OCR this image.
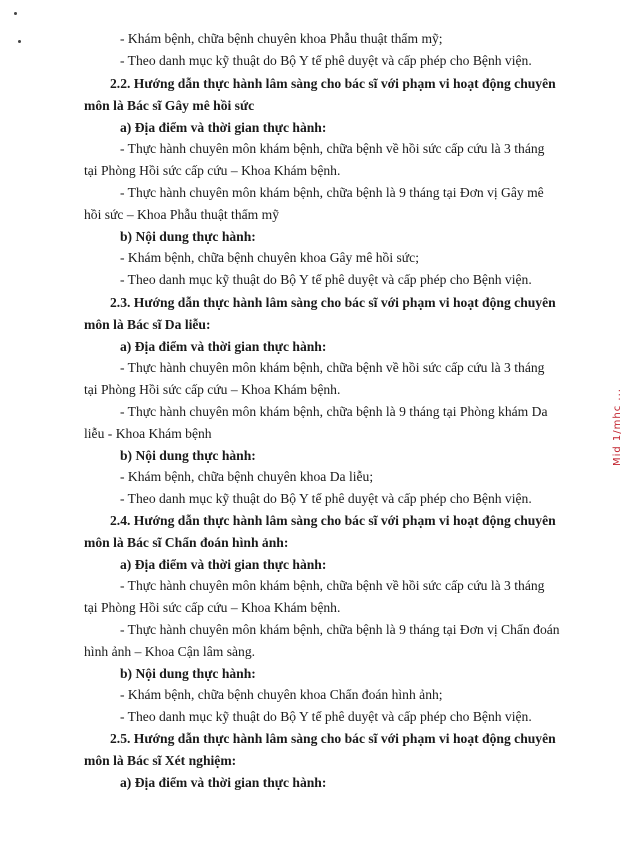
- Khám bệnh, chữa bệnh chuyên khoa Phẫu thuật thẩm mỹ;
- Theo danh mục kỹ thuật do Bộ Y tế phê duyệt và cấp phép cho Bệnh viện.
2.2. Hướng dẫn thực hành lâm sàng cho bác sĩ với phạm vi hoạt động chuyên
môn là Bác sĩ Gây mê hồi sức
a) Địa điểm và thời gian thực hành:
- Thực hành chuyên môn khám bệnh, chữa bệnh về hồi sức cấp cứu là 3 tháng
tại Phòng Hồi sức cấp cứu – Khoa Khám bệnh.
- Thực hành chuyên môn khám bệnh, chữa bệnh là 9 tháng tại Đơn vị Gây mê
hồi sức – Khoa Phẫu thuật thẩm mỹ
b) Nội dung thực hành:
- Khám bệnh, chữa bệnh chuyên khoa Gây mê hồi sức;
- Theo danh mục kỹ thuật do Bộ Y tế phê duyệt và cấp phép cho Bệnh viện.
2.3. Hướng dẫn thực hành lâm sàng cho bác sĩ với phạm vi hoạt động chuyên
môn là Bác sĩ Da liễu:
a) Địa điểm và thời gian thực hành:
- Thực hành chuyên môn khám bệnh, chữa bệnh về hồi sức cấp cứu là 3 tháng
tại Phòng Hồi sức cấp cứu – Khoa Khám bệnh.
- Thực hành chuyên môn khám bệnh, chữa bệnh là 9 tháng tại Phòng khám Da
liễu - Khoa Khám bệnh
b) Nội dung thực hành:
- Khám bệnh, chữa bệnh chuyên khoa Da liễu;
- Theo danh mục kỹ thuật do Bộ Y tế phê duyệt và cấp phép cho Bệnh viện.
2.4. Hướng dẫn thực hành lâm sàng cho bác sĩ với phạm vi hoạt động chuyên
môn là Bác sĩ Chẩn đoán hình ảnh:
a) Địa điểm và thời gian thực hành:
- Thực hành chuyên môn khám bệnh, chữa bệnh về hồi sức cấp cứu là 3 tháng
tại Phòng Hồi sức cấp cứu – Khoa Khám bệnh.
- Thực hành chuyên môn khám bệnh, chữa bệnh là 9 tháng tại Đơn vị Chẩn đoán
hình ảnh – Khoa Cận lâm sàng.
b) Nội dung thực hành:
- Khám bệnh, chữa bệnh chuyên khoa Chẩn đoán hình ảnh;
- Theo danh mục kỹ thuật do Bộ Y tế phê duyệt và cấp phép cho Bệnh viện.
2.5. Hướng dẫn thực hành lâm sàng cho bác sĩ với phạm vi hoạt động chuyên
môn là Bác sĩ Xét nghiệm:
a) Địa điểm và thời gian thực hành:
Mid 1/mhc ...
